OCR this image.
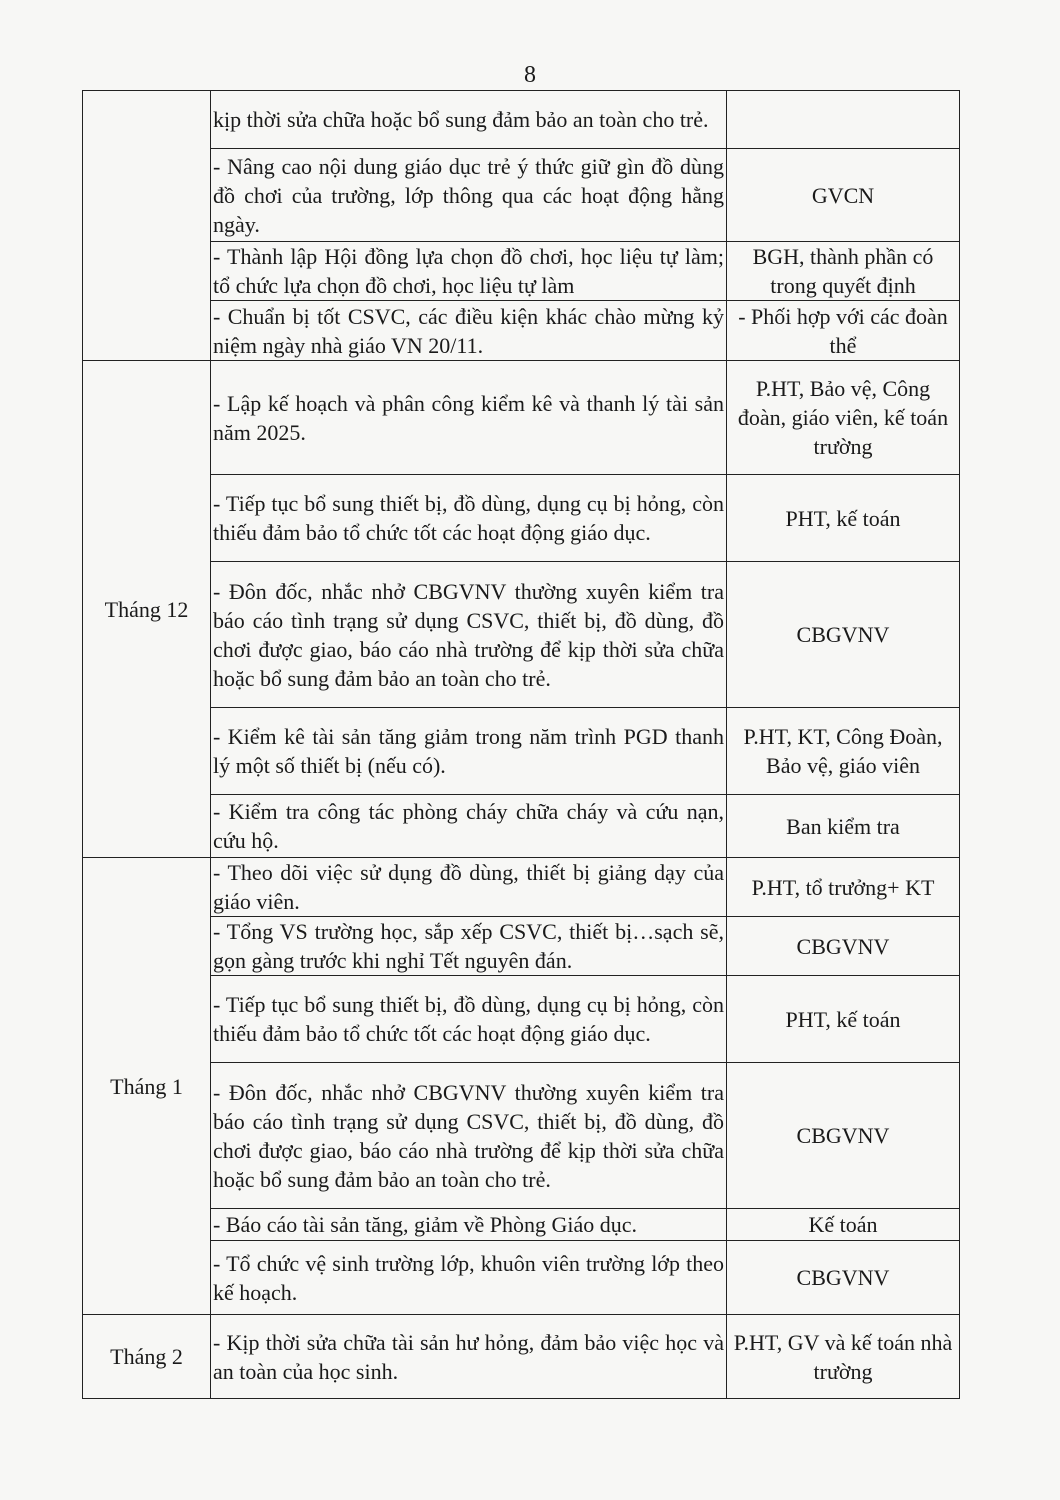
8
	kịp thời sửa chữa hoặc bổ sung đảm bảo an toàn cho trẻ.	
	- Nâng cao nội dung giáo dục trẻ ý thức giữ gìn đồ dùng đồ chơi của trường, lớp thông qua các hoạt động hằng ngày.	GVCN
	- Thành lập Hội đồng lựa chọn đồ chơi, học liệu tự làm; tổ chức lựa chọn đồ chơi, học liệu tự làm	BGH, thành phần có trong quyết định
	- Chuẩn bị tốt CSVC, các điều kiện khác chào mừng kỷ niệm ngày nhà giáo VN 20/11.	- Phối hợp với các đoàn thể
Tháng 12	- Lập kế hoạch và phân công kiểm kê và thanh lý tài sản năm 2025.	P.HT, Bảo vệ, Công đoàn, giáo viên, kế toán trường
	- Tiếp tục bổ sung thiết bị, đồ dùng, dụng cụ bị hỏng, còn thiếu đảm bảo tổ chức tốt các hoạt động giáo dục.	PHT, kế toán
	- Đôn đốc, nhắc nhở CBGVNV thường xuyên kiểm tra báo cáo tình trạng sử dụng CSVC, thiết bị, đồ dùng, đồ chơi được giao, báo cáo nhà trường để kịp thời sửa chữa hoặc bổ sung đảm bảo an toàn cho trẻ.	CBGVNV
	- Kiểm kê tài sản tăng giảm trong năm trình PGD thanh lý một số thiết bị (nếu có).	P.HT, KT, Công Đoàn, Bảo vệ, giáo viên
	- Kiểm tra công tác phòng cháy chữa cháy và cứu nạn, cứu hộ.	Ban kiểm tra
Tháng 1	- Theo dõi việc sử dụng đồ dùng, thiết bị giảng dạy của giáo viên.	P.HT, tổ trưởng+ KT
	- Tổng VS trường học, sắp xếp CSVC, thiết bị…sạch sẽ, gọn gàng trước khi nghỉ Tết nguyên đán.	CBGVNV
	- Tiếp tục bổ sung thiết bị, đồ dùng, dụng cụ bị hỏng, còn thiếu đảm bảo tổ chức tốt các hoạt động giáo dục.	PHT, kế toán
	- Đôn đốc, nhắc nhở CBGVNV thường xuyên kiểm tra báo cáo tình trạng sử dụng CSVC, thiết bị, đồ dùng, đồ chơi được giao, báo cáo nhà trường để kịp thời sửa chữa hoặc bổ sung đảm bảo an toàn cho trẻ.	CBGVNV
	- Báo cáo tài sản tăng, giảm về Phòng Giáo dục.	Kế toán
	- Tổ chức vệ sinh trường lớp, khuôn viên trường lớp theo kế hoạch.	CBGVNV
Tháng 2	- Kịp thời sửa chữa tài sản hư hỏng, đảm bảo việc học và an toàn của học sinh.	P.HT, GV và kế toán nhà trường
